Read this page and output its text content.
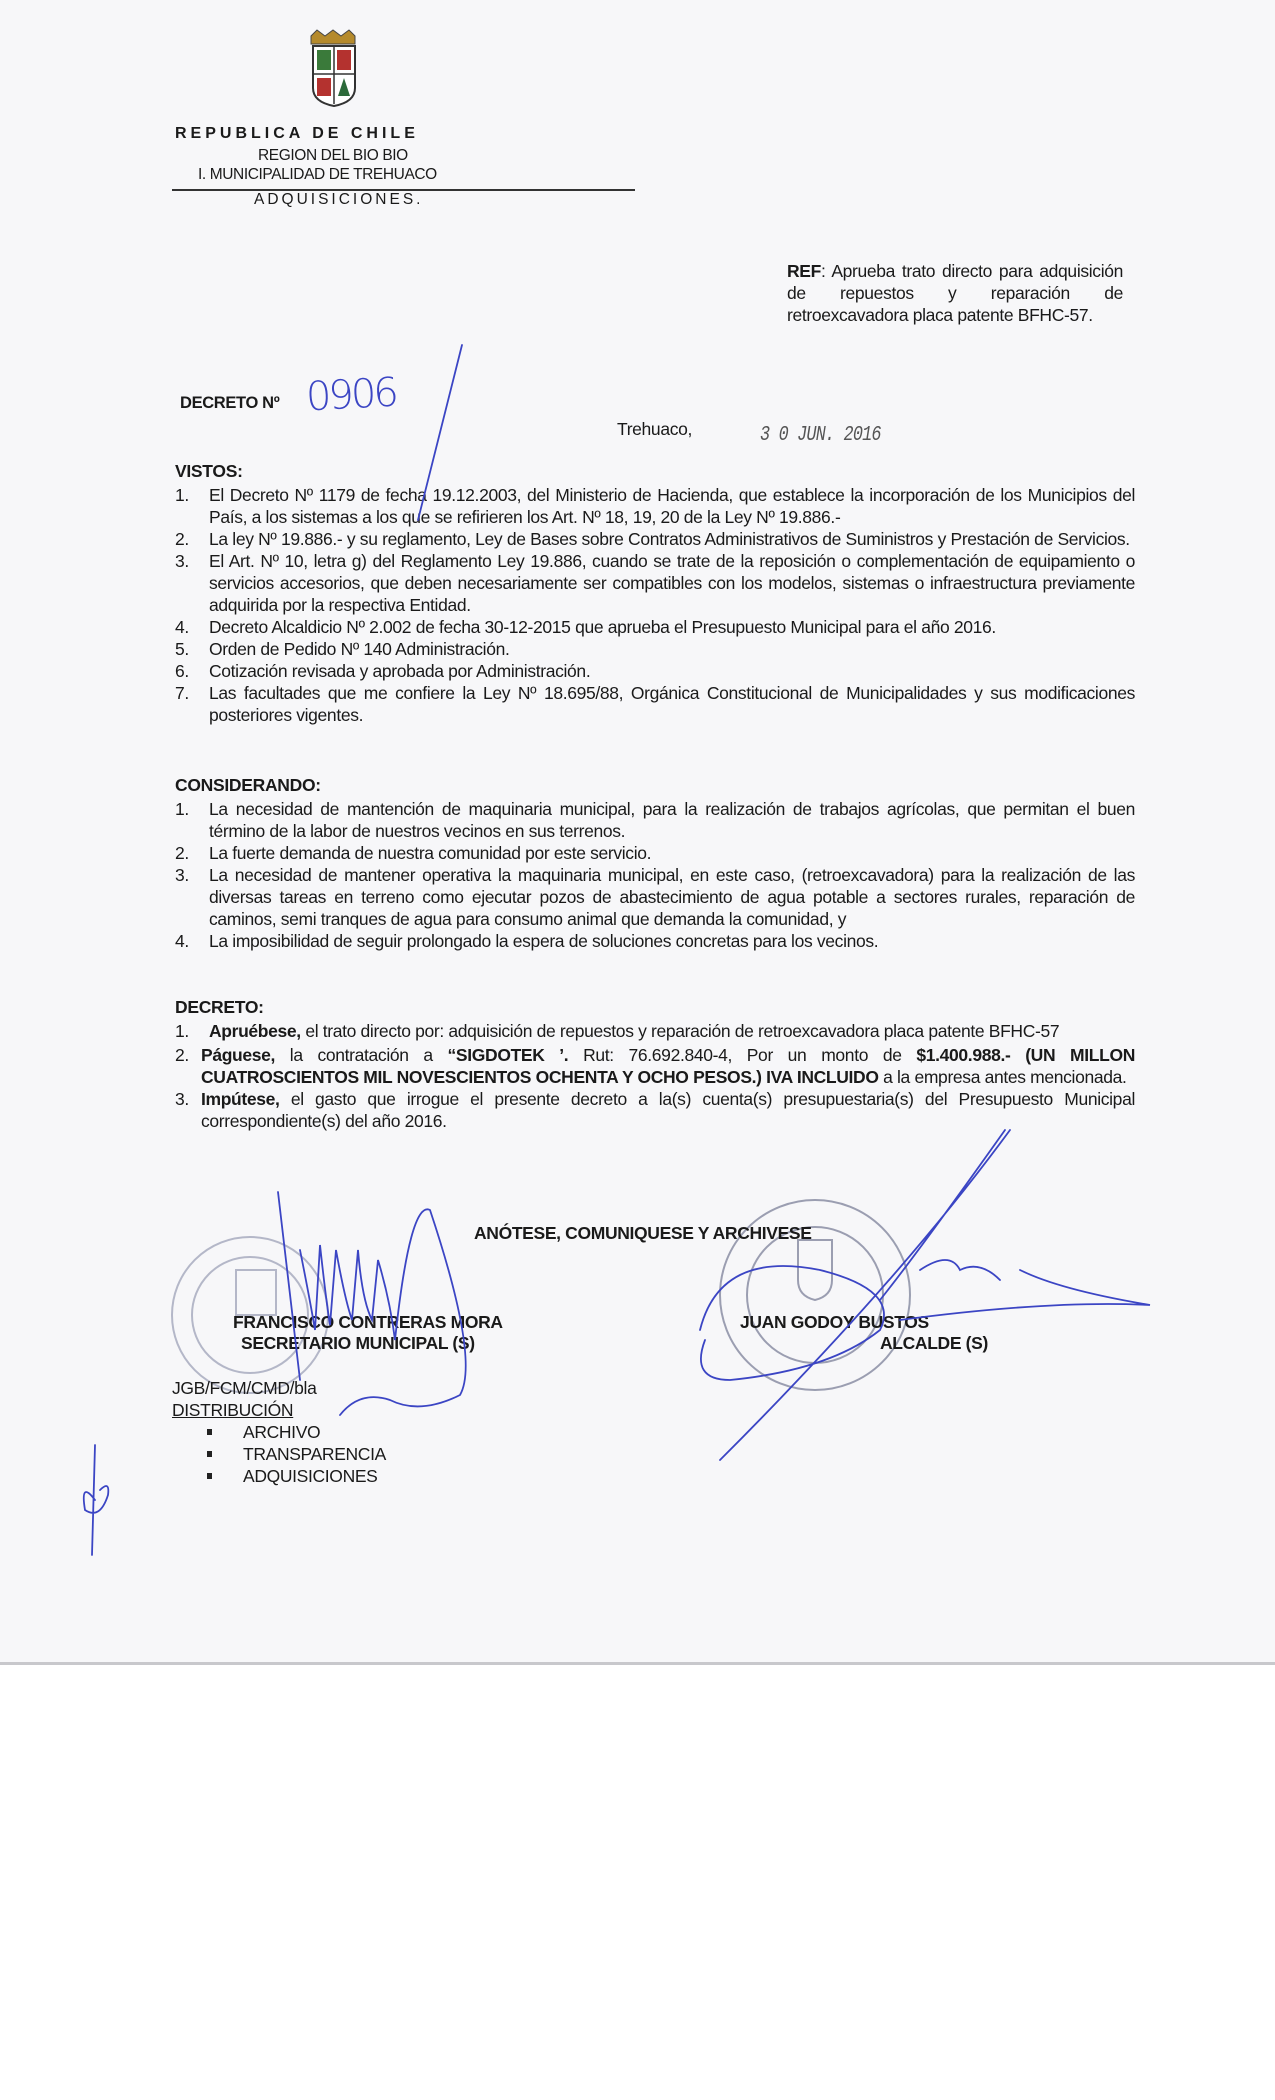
REPUBLICA DE CHILE
REGION DEL BIO BIO
I. MUNICIPALIDAD DE TREHUACO
ADQUISICIONES.
REF: Aprueba trato directo para adquisición de repuestos y reparación de retroexcavadora placa patente BFHC-57.
DECRETO Nº 0906
Trehuaco,	3 0 JUN. 2016
VISTOS:
1.	El Decreto Nº 1179 de fecha 19.12.2003, del Ministerio de Hacienda, que establece la incorporación de los Municipios del País, a los sistemas a los que se refirieren los Art. Nº 18, 19, 20 de la Ley Nº 19.886.-
2.	La ley Nº 19.886.- y su reglamento, Ley de Bases sobre Contratos Administrativos de Suministros y Prestación de Servicios.
3.	El Art. Nº 10, letra g) del Reglamento Ley 19.886, cuando se trate de la reposición o complementación de equipamiento o servicios accesorios, que deben necesariamente ser compatibles con los modelos, sistemas o infraestructura previamente adquirida por la respectiva Entidad.
4.	Decreto Alcaldicio Nº 2.002 de fecha 30-12-2015 que aprueba el Presupuesto Municipal para el año 2016.
5.	Orden de Pedido Nº 140 Administración.
6.	Cotización revisada y aprobada por Administración.
7.	Las facultades que me confiere la Ley Nº 18.695/88, Orgánica Constitucional de Municipalidades y sus modificaciones posteriores vigentes.
CONSIDERANDO:
1.	La necesidad de mantención de maquinaria municipal, para la realización de trabajos agrícolas, que permitan el buen término de la labor de nuestros vecinos en sus terrenos.
2.	La fuerte demanda de nuestra comunidad por este servicio.
3.	La necesidad de mantener operativa la maquinaria municipal, en este caso, (retroexcavadora) para la realización de las diversas tareas en terreno como ejecutar pozos de abastecimiento de agua potable a sectores rurales, reparación de caminos, semi tranques de agua para consumo animal que demanda la comunidad, y
4.	La imposibilidad de seguir prolongado la espera de soluciones concretas para los vecinos.
DECRETO:
1.	Apruébese, el trato directo por: adquisición de repuestos y reparación de retroexcavadora placa patente BFHC-57
2. Páguese, la contratación a “SIGDOTEK ’. Rut: 76.692.840-4, Por un monto de $1.400.988.- (UN MILLON CUATROSCIENTOS MIL NOVESCIENTOS OCHENTA Y OCHO PESOS.) IVA INCLUIDO a la empresa antes mencionada.
3. Impútese, el gasto que irrogue el presente decreto a la(s) cuenta(s) presupuestaria(s) del Presupuesto Municipal correspondiente(s) del año 2016.
ANÓTESE, COMUNIQUESE Y ARCHIVESE
FRANCISCO CONTRERAS MORA
SECRETARIO MUNICIPAL (S)
JUAN GODOY BUSTOS
ALCALDE (S)
JGB/FCM/CMD/bla
DISTRIBUCIÓN
ARCHIVO
TRANSPARENCIA
ADQUISICIONES
